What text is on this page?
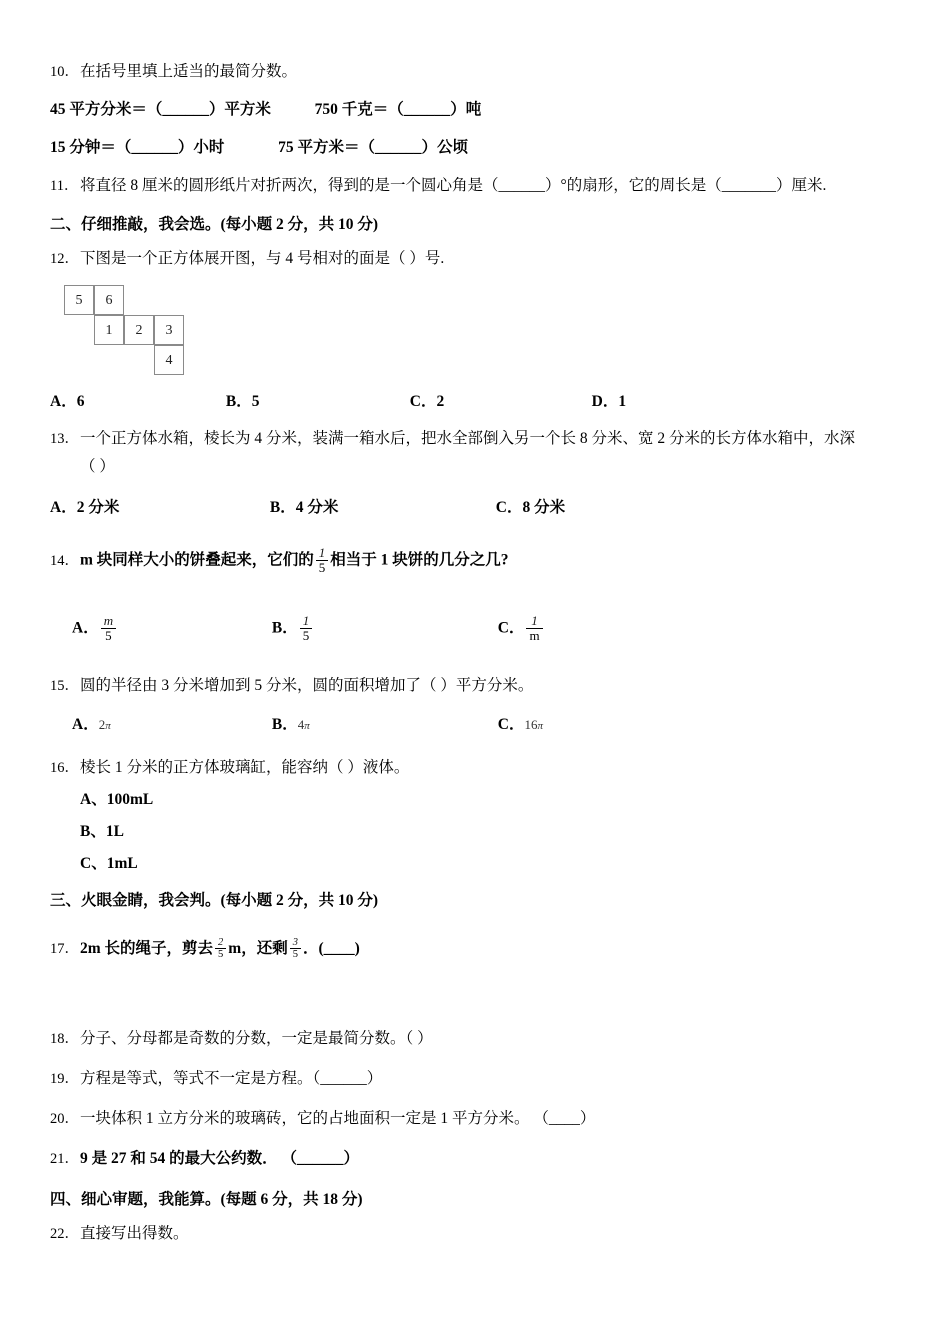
10．在括号里填上适当的最简分数。
45 平方分米＝（______）平方米	750 千克＝（______）吨
15 分钟＝（______）小时	75 平方米＝（______）公顷
11．将直径 8 厘米的圆形纸片对折两次，得到的是一个圆心角是（______）°的扇形，它的周长是（_______）厘米.
二、仔细推敲，我会选。(每小题 2 分，共 10 分)
12．下图是一个正方体展开图，与 4 号相对的面是（ ）号.
5	6
1	2	3
4
A．6	B．5	C．2	D．1
13．一个正方体水箱，棱长为 4 分米，装满一箱水后，把水全部倒入另一个长 8 分米、宽 2 分米的长方体水箱中，水深
（ ）
A．2 分米	B．4 分米	C．8 分米
14．m 块同样大小的饼叠起来，它们的 $\frac{1}{5}$ 相当于 1 块饼的几分之几?
A． $\frac{m}{5}$	B． $\frac{1}{5}$	C． $\frac{1}{m}$
15．圆的半径由 3 分米增加到 5 分米，圆的面积增加了（ ）平方分米。
A．2π	B．4π	C．16π
16．棱长 1 分米的正方体玻璃缸，能容纳（ ）液体。
A、100mL
B、1L
C、1mL
三、火眼金睛，我会判。(每小题 2 分，共 10 分)
17．2m 长的绳子，剪去 $\frac{2}{5}$ m，还剩 $\frac{3}{5}$ ．(____)
18．分子、分母都是奇数的分数，一定是最简分数。（ ）
19．方程是等式，等式不一定是方程。（______）
20．一块体积 1 立方分米的玻璃砖，它的占地面积一定是 1 平方分米。 （____）
21．9 是 27 和 54 的最大公约数． （______）
四、细心审题，我能算。(每题 6 分，共 18 分)
22．直接写出得数。
